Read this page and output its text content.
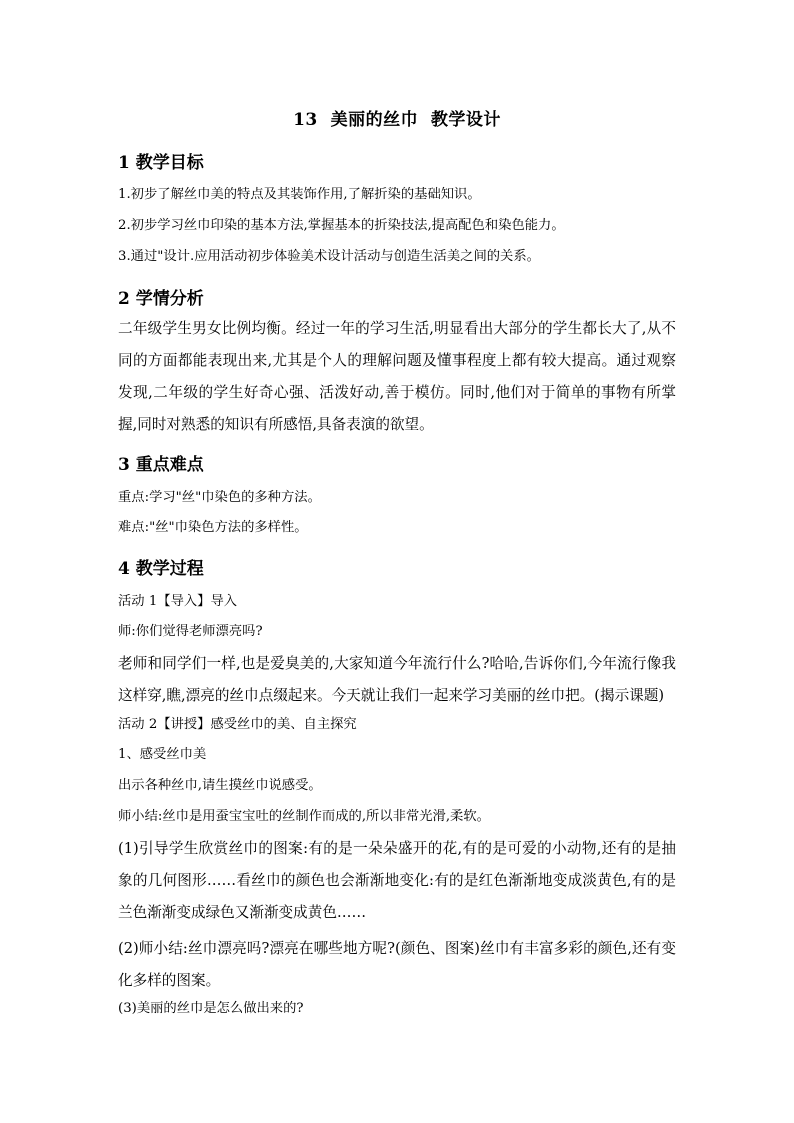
13  美丽的丝巾  教学设计
1 教学目标
1.初步了解丝巾美的特点及其装饰作用,了解折染的基础知识。
2.初步学习丝巾印染的基本方法,掌握基本的折染技法,提高配色和染色能力。
3.通过"设计.应用活动初步体验美术设计活动与创造生活美之间的关系。
2 学情分析
二年级学生男女比例均衡。经过一年的学习生活,明显看出大部分的学生都长大了,从不同的方面都能表现出来,尤其是个人的理解问题及懂事程度上都有较大提高。通过观察发现,二年级的学生好奇心强、活泼好动,善于模仿。同时,他们对于简单的事物有所掌握,同时对熟悉的知识有所感悟,具备表演的欲望。
3 重点难点
重点:学习"丝"巾染色的多种方法。
难点:"丝"巾染色方法的多样性。
4 教学过程
活动 1【导入】导入
师:你们觉得老师漂亮吗?
老师和同学们一样,也是爱臭美的,大家知道今年流行什么?哈哈,告诉你们,今年流行像我这样穿,瞧,漂亮的丝巾点缀起来。今天就让我们一起来学习美丽的丝巾把。(揭示课题)
活动 2【讲授】感受丝巾的美、自主探究
1、感受丝巾美
出示各种丝巾,请生摸丝巾说感受。
师小结:丝巾是用蚕宝宝吐的丝制作而成的,所以非常光滑,柔软。
(1)引导学生欣赏丝巾的图案:有的是一朵朵盛开的花,有的是可爱的小动物,还有的是抽象的几何图形……看丝巾的颜色也会渐渐地变化:有的是红色渐渐地变成淡黄色,有的是兰色渐渐变成绿色又渐渐变成黄色……
(2)师小结:丝巾漂亮吗?漂亮在哪些地方呢?(颜色、图案)丝巾有丰富多彩的颜色,还有变化多样的图案。
(3)美丽的丝巾是怎么做出来的?
